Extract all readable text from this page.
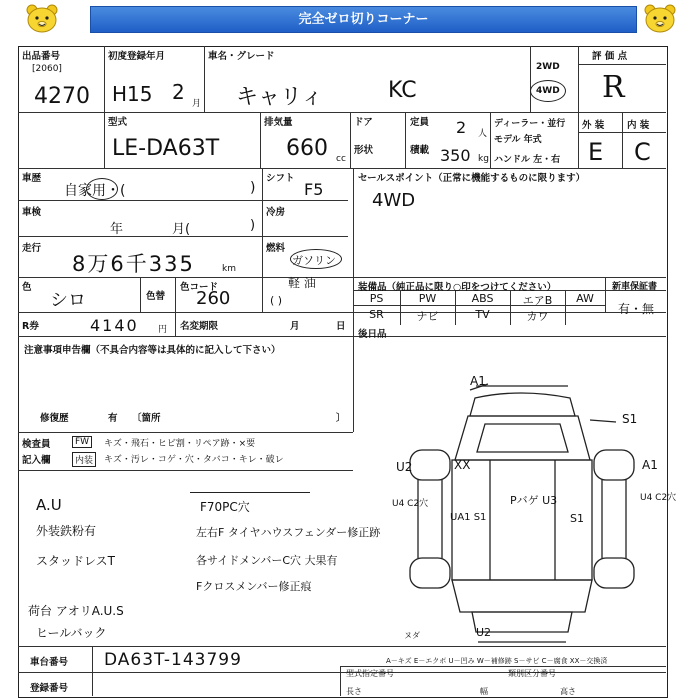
完全ゼロ切りコーナー
出品番号
[2060]
4270
初度登録年月
H15 2 月
車名・グレード
キャリィ	KC
2WD
4WD
評 価 点
R
型式
LE-DA63T
排気量
660 cc
ドア	定員 2 人
形状	積載 350 kg
ディーラー・並行
モデル 年式
ハンドル 左・右
外 装 内 装
E C
車歴
自家用・(	)
シフト
F5
車検
年	月(	)
冷房
走行
8万6千335	km
燃料
ガソリン
軽 油
( )
色
シロ	色替
色コード
260
R券	4140 円 名変期限	月	日
セールスポイント（正常に機能するものに限ります）
4WD
装備品（純正品に限り○印をつけてください）	新車保証書
有・無
PS	PW	ABS	エアB	AW
SR	ナビ	TV	カワ
後日品
注意事項申告欄（不具合内容等は具体的に記入して下さい）
修復歴	有 〔箇所	〕
検査員
記入欄
FW	キズ・飛石・ヒビ割・リペア跡・×要
内装	キズ・汚レ・コゲ・穴・タバコ・キレ・破レ
A.U
外装鉄粉有
スタッドレスT
荷台 アオリA.U.S
ヒールバック
F70PC穴
左右F タイヤハウスフェンダー修正跡
各サイドメンバーC穴 大果有
Fクロスメンバー修正痕
A1
S1
XX
U2	A1
U4 C2穴
U4 C2穴
UA1 S1
Pバゲ U3
S1
U2
ヌダ
A－キズ E－エクボ U－凹み W－補修跡 S－サビ C－腐食 XX－交換済
車台番号 DA63T-143799
登録番号
型式指定番号	類別区分番号
長さ	幅	高さ
